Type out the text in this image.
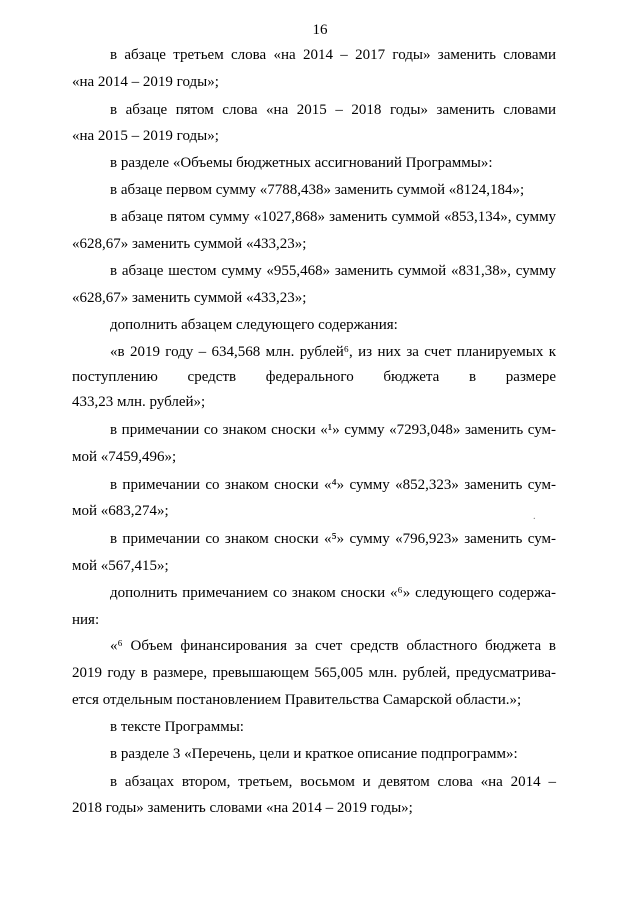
16
в абзаце третьем слова «на 2014 – 2017 годы» заменить словами
«на 2014 – 2019 годы»;
в абзаце пятом слова «на 2015 – 2018 годы» заменить словами
«на 2015 – 2019 годы»;
в разделе «Объемы бюджетных ассигнований Программы»:
в абзаце первом сумму «7788,438» заменить суммой «8124,184»;
в абзаце пятом сумму «1027,868» заменить суммой «853,134», сумму
«628,67» заменить суммой «433,23»;
в абзаце шестом сумму «955,468» заменить суммой «831,38», сумму
«628,67» заменить суммой «433,23»;
дополнить абзацем следующего содержания:
«в 2019 году – 634,568 млн. рублей⁶, из них за счет планируемых к
поступлению средств федерального бюджета в размере
433,23 млн. рублей»;
в примечании со знаком сноски «¹» сумму «7293,048» заменить сум-
мой «7459,496»;
в примечании со знаком сноски «⁴» сумму «852,323» заменить сум-
мой «683,274»;
в примечании со знаком сноски «⁵» сумму «796,923» заменить сум-
мой «567,415»;
дополнить примечанием со знаком сноски «⁶» следующего содержа-
ния:
«⁶ Объем финансирования за счет средств областного бюджета в
2019 году в размере, превышающем 565,005 млн. рублей, предусматрива-
ется отдельным постановлением Правительства Самарской области.»;
в тексте Программы:
в разделе 3 «Перечень, цели и краткое описание подпрограмм»:
в абзацах втором, третьем, восьмом и девятом слова «на 2014 –
2018 годы» заменить словами «на 2014 – 2019 годы»;
·
